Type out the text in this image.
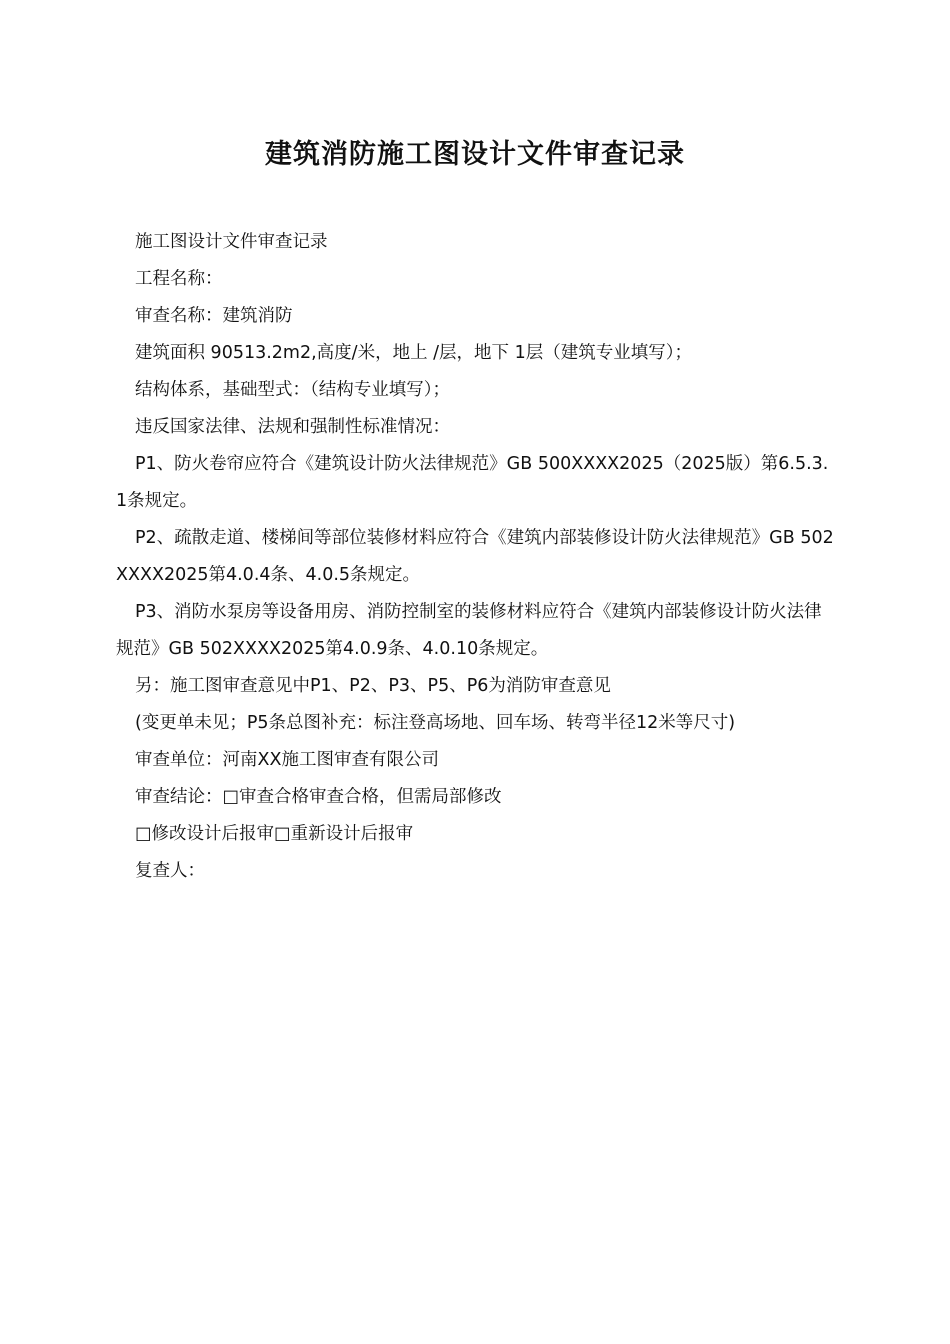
建筑消防施工图设计文件审查记录

施工图设计文件审查记录

工程名称：

审查名称：建筑消防

建筑面积 90513.2m2,高度/米，地上 /层，地下 1层（建筑专业填写）；

结构体系，基础型式：（结构专业填写）；

违反国家法律、法规和强制性标准情况：

P1、防火卷帘应符合《建筑设计防火法律规范》GB 500XXXX2025（2025版）第6.5.3.1条规定。

P2、疏散走道、楼梯间等部位装修材料应符合《建筑内部装修设计防火法律规范》GB 502XXXX2025第4.0.4条、4.0.5条规定。

P3、消防水泵房等设备用房、消防控制室的装修材料应符合《建筑内部装修设计防火法律规范》GB 502XXXX2025第4.0.9条、4.0.10条规定。

另：施工图审查意见中P1、P2、P3、P5、P6为消防审查意见

(变更单未见；P5条总图补充：标注登高场地、回车场、转弯半径12米等尺寸)

审查单位：河南XX施工图审查有限公司

审查结论：□审查合格审查合格，但需局部修改

□修改设计后报审□重新设计后报审

复查人：
